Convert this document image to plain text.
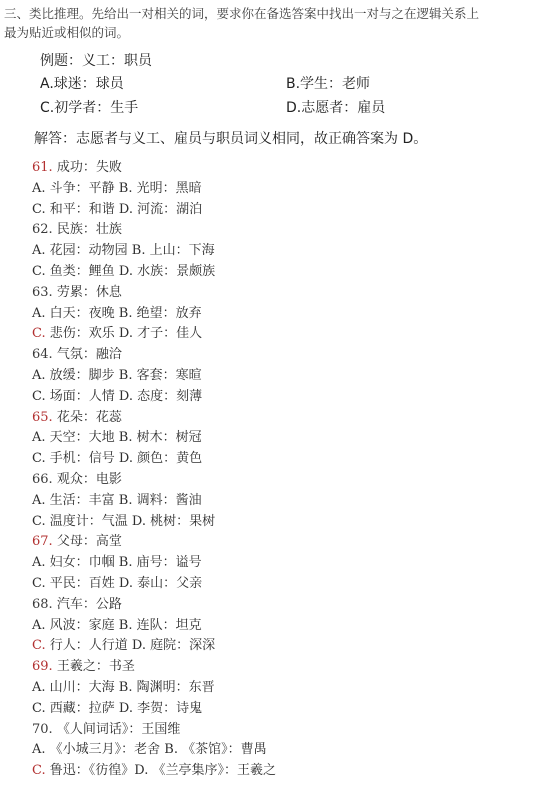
三、类比推理。先给出一对相关的词，要求你在备选答案中找出一对与之在逻辑关系上

最为贴近或相似的词。

例题：义工：职员
A.球迷：球员	B.学生：老师
C.初学者：生手	D.志愿者：雇员
解答：志愿者与义工、雇员与职员词义相同，故正确答案为 D。
61. 成功：失败
A. 斗争：平静 B. 光明：黑暗
C. 和平：和谐 D. 河流：湖泊
62. 民族：壮族
A. 花园：动物园 B. 上山：下海
C. 鱼类：鲤鱼 D. 水族：景颇族
63. 劳累：休息
A. 白天：夜晚 B. 绝望：放弃
C. 悲伤：欢乐 D. 才子：佳人
64. 气氛：融洽
A. 放缓：脚步 B. 客套：寒暄
C. 场面：人情 D. 态度：刻薄
65. 花朵：花蕊
A. 天空：大地 B. 树木：树冠
C. 手机：信号 D. 颜色：黄色
66. 观众：电影
A. 生活：丰富 B. 调料：酱油
C. 温度计：气温 D. 桃树：果树
67. 父母：高堂
A. 妇女：巾帼 B. 庙号：谥号
C. 平民：百姓 D. 泰山：父亲
68. 汽车：公路
A. 风波：家庭 B. 连队：坦克
C. 行人：人行道 D. 庭院：深深
69. 王羲之：书圣
A. 山川：大海 B. 陶渊明：东晋
C. 西藏：拉萨 D. 李贺：诗鬼
70. 《人间词话》：王国维
A. 《小城三月》：老舍 B. 《茶馆》：曹禺
C. 鲁迅：《彷徨》D. 《兰亭集序》：王羲之
